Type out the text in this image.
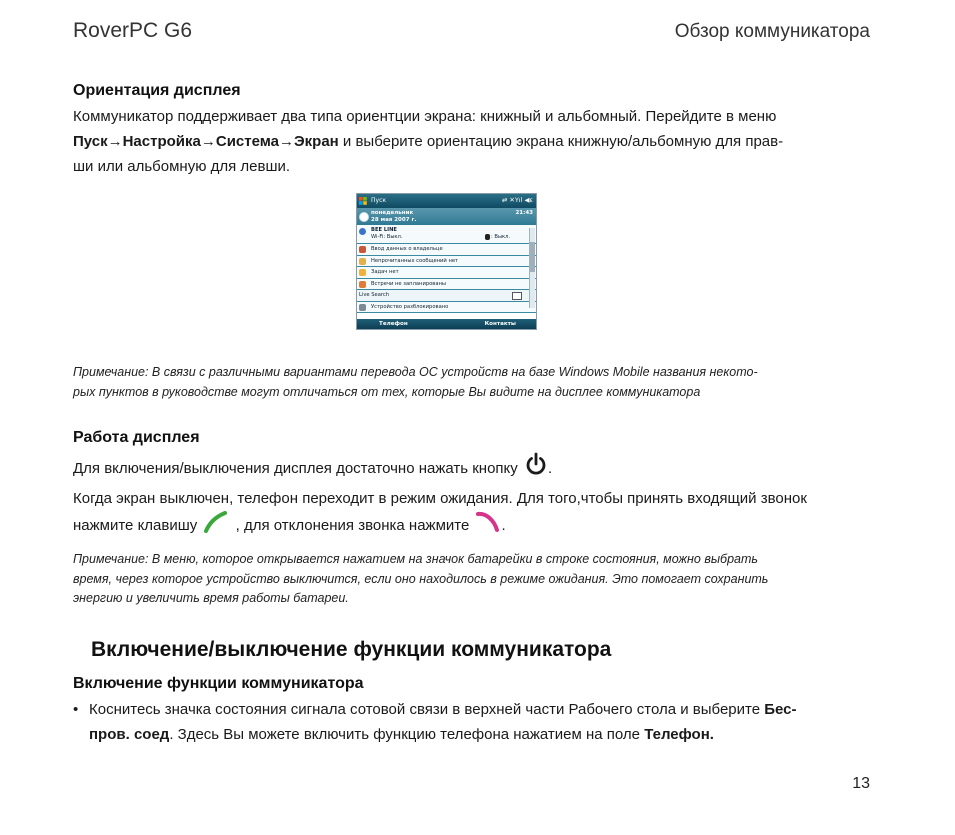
RoverPC G6	Обзор коммуникатора
Ориентация дисплея
Коммуникатор поддерживает два типа ориентции экрана: книжный и альбомный. Перейдите в меню
Пуск→Настройка→Система→Экран и выберите ориентацию экрана книжную/альбомную для прав-
ши или альбомную для левши.
Пуск	⇄ ✕Yıl ◀ε
понедельник
28 мая 2007 г.
21:43
BEE LINE
Wi-Fi: Выкл.	: Выкл.
Ввод данных о владельце
Непрочитанных сообщений нет
Задач нет
Встречи не запланированы
Live Search
Устройство разблокировано
Телефон	Контакты
Примечание: В связи с различными вариантами перевода ОС устройств на базе Windows Mobile названия некото-
рых пунктов в руководстве могут отличаться от тех, которые Вы видите на дисплее коммуникатора
Работа дисплея
Для включения/выключения дисплея достаточно нажать кнопку .
Когда экран выключен, телефон переходит в режим ожидания. Для того,чтобы принять входящий звонок
нажмите клавишу	, для отклонения звонка нажмите .
Примечание: В меню, которое открывается нажатием на значок батарейки в строке состояния, можно выбрать
время, через которое устройство выключится, если оно находилось в режиме ожидания. Это помогает сохранить
энергию и увеличить время работы батареи.
Включение/выключение функции коммуникатора
Включение функции коммуникатора
• Коснитесь значка состояния сигнала сотовой связи в верхней части Рабочего стола и выберите Бес-
пров. соед. Здесь Вы можете включить функцию телефона нажатием на поле Телефон.
13
